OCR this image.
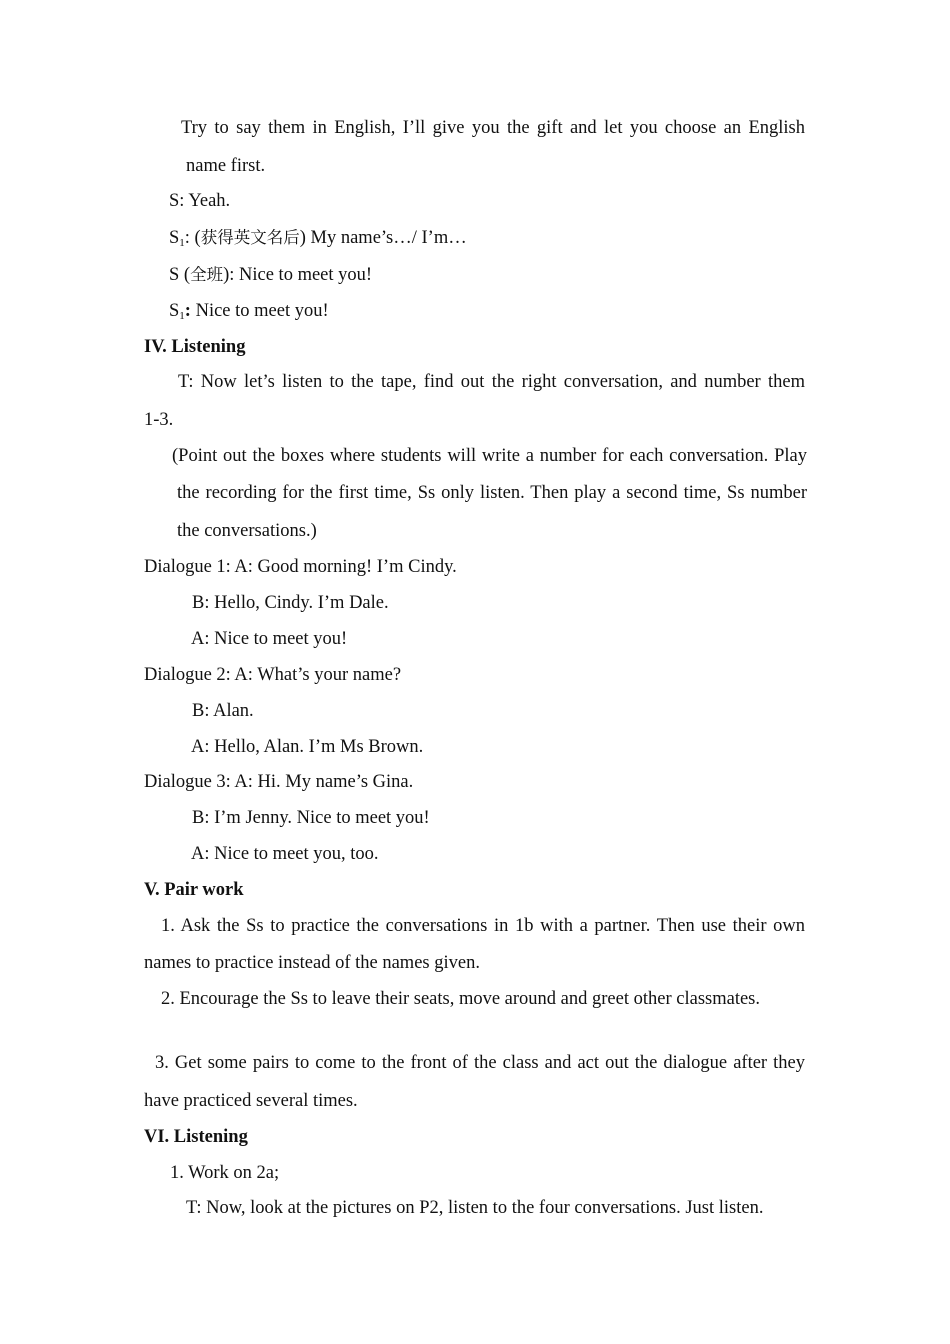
Try to say them in English, I’ll give you the gift and let you choose an English
name first.
S: Yeah.
$S_1$: (获得英文名后) My name’s…/ I’m…
S (全班): Nice to meet you!
$S_1$: Nice to meet you!
IV. Listening
T: Now let’s listen to the tape, find out the right conversation, and number them
1-3.
(Point out the boxes where students will write a number for each conversation. Play
the recording for the first time, Ss only listen. Then play a second time, Ss number
the conversations.)
Dialogue 1: A: Good morning! I’m Cindy.
B: Hello, Cindy. I’m Dale.
A: Nice to meet you!
Dialogue 2: A: What’s your name?
B: Alan.
A: Hello, Alan. I’m Ms Brown.
Dialogue 3: A: Hi. My name’s Gina.
B: I’m Jenny. Nice to meet you!
A: Nice to meet you, too.
V. Pair work
1. Ask the Ss to practice the conversations in 1b with a partner. Then use their own
names to practice instead of the names given.
2. Encourage the Ss to leave their seats, move around and greet other classmates.
3. Get some pairs to come to the front of the class and act out the dialogue after they
have practiced several times.
VI. Listening
1. Work on 2a;
T: Now, look at the pictures on P2, listen to the four conversations. Just listen.
